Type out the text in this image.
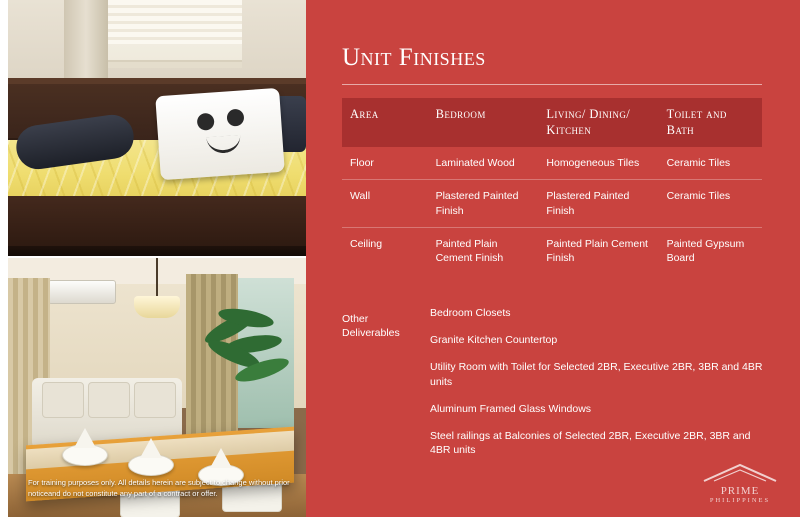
For training purposes only. All details herein are subject to change without prior noticeand do not constitute any part of a contract or offer.
Unit Finishes
Area	Bedroom	Living/ Dining/ Kitchen	Toilet and Bath
Floor	Laminated Wood	Homogeneous Tiles	Ceramic Tiles
Wall	Plastered Painted Finish	Plastered Painted Finish	Ceramic Tiles
Ceiling	Painted Plain Cement Finish	Painted Plain Cement Finish	Painted Gypsum Board
Other Deliverables
Bedroom Closets
Granite Kitchen Countertop
Utility Room with Toilet for Selected 2BR, Executive 2BR, 3BR and 4BR units
Aluminum Framed Glass Windows
Steel railings at Balconies of Selected 2BR, Executive 2BR, 3BR and 4BR units
PRIME
PHILIPPINES
